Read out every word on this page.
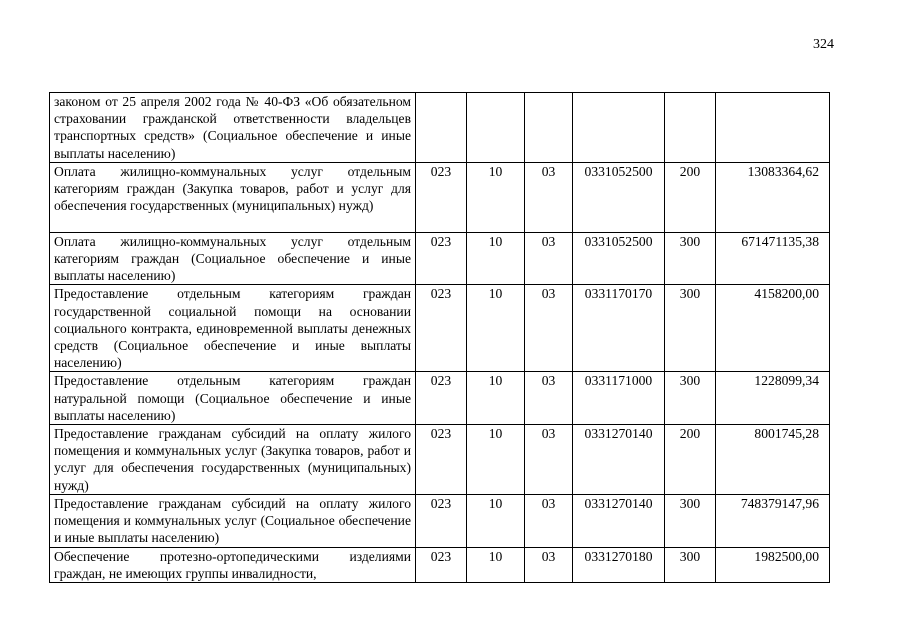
324
законом от 25 апреля 2002 года № 40-ФЗ «Об обязательном страховании гражданской ответственности владельцев транспортных средств» (Социальное обеспечение и иные выплаты населению)						
Оплата жилищно-коммунальных услуг отдельным категориям граждан (Закупка товаров, работ и услуг для обеспечения государственных (муниципальных) нужд)	023	10	03	0331052500	200	13083364,62
Оплата жилищно-коммунальных услуг отдельным категориям граждан (Социальное обеспечение и иные выплаты населению)	023	10	03	0331052500	300	671471135,38
Предоставление отдельным категориям граждан государственной социальной помощи на основании социального контракта, единовременной выплаты денежных средств (Социальное обеспечение и иные выплаты населению)	023	10	03	0331170170	300	4158200,00
Предоставление отдельным категориям граждан натуральной помощи (Социальное обеспечение и иные выплаты населению)	023	10	03	0331171000	300	1228099,34
Предоставление гражданам субсидий на оплату жилого помещения и коммунальных услуг (Закупка товаров, работ и услуг для обеспечения государственных (муниципальных) нужд)	023	10	03	0331270140	200	8001745,28
Предоставление гражданам субсидий на оплату жилого помещения и коммунальных услуг (Социальное обеспечение и иные выплаты населению)	023	10	03	0331270140	300	748379147,96
Обеспечение протезно-ортопедическими изделиями граждан, не имеющих группы инвалидности,	023	10	03	0331270180	300	1982500,00
